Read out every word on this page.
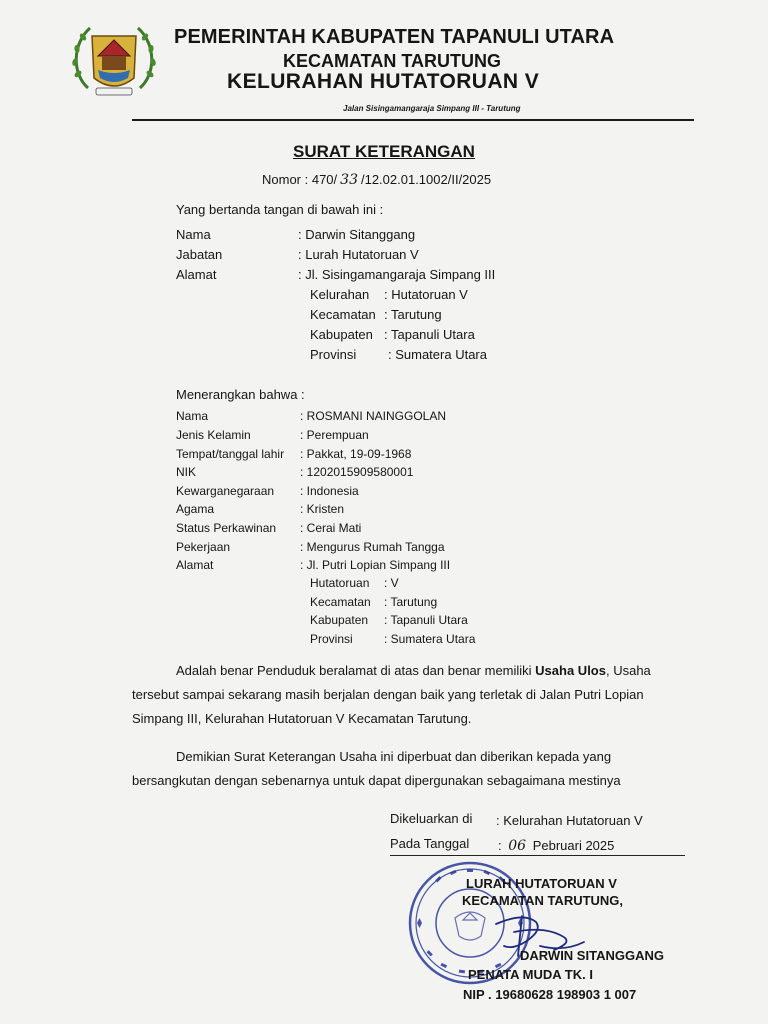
PEMERINTAH KABUPATEN TAPANULI UTARA
KECAMATAN TARUTUNG
KELURAHAN HUTATORUAN V
Jalan Sisingamangaraja Simpang III - Tarutung
SURAT KETERANGAN
Nomor : 470/ 33 /12.02.01.1002/II/2025
Yang bertanda tangan di bawah ini :
Nama	: Darwin Sitanggang
Jabatan	: Lurah Hutatoruan V
Alamat	: Jl. Sisingamangaraja Simpang III
Kelurahan : Hutatoruan V
Kecamatan : Tarutung
Kabupaten : Tapanuli Utara
Provinsi : Sumatera Utara
Menerangkan bahwa :
Nama	: ROSMANI NAINGGOLAN
Jenis Kelamin	: Perempuan
Tempat/tanggal lahir : Pakkat, 19-09-1968
NIK	: 1202015909580001
Kewarganegaraan : Indonesia
Agama	: Kristen
Status Perkawinan : Cerai Mati
Pekerjaan	: Mengurus Rumah Tangga
Alamat	: Jl. Putri Lopian Simpang III
Hutatoruan : V
Kecamatan : Tarutung
Kabupaten : Tapanuli Utara
Provinsi	: Sumatera Utara
Adalah benar Penduduk beralamat di atas dan benar memiliki Usaha Ulos, Usaha
tersebut sampai sekarang masih berjalan dengan baik yang terletak di Jalan Putri Lopian
Simpang III, Kelurahan Hutatoruan V Kecamatan Tarutung.
Demikian Surat Keterangan Usaha ini diperbuat dan diberikan kepada yang
bersangkutan dengan sebenarnya untuk dapat dipergunakan sebagaimana mestinya
Dikeluarkan di : Kelurahan Hutatoruan V
Pada Tanggal : 06 Pebruari 2025
LURAH HUTATORUAN V
KECAMATAN TARUTUNG,
DARWIN SITANGGANG
PENATA MUDA TK. I
NIP . 19680628 198903 1 007
